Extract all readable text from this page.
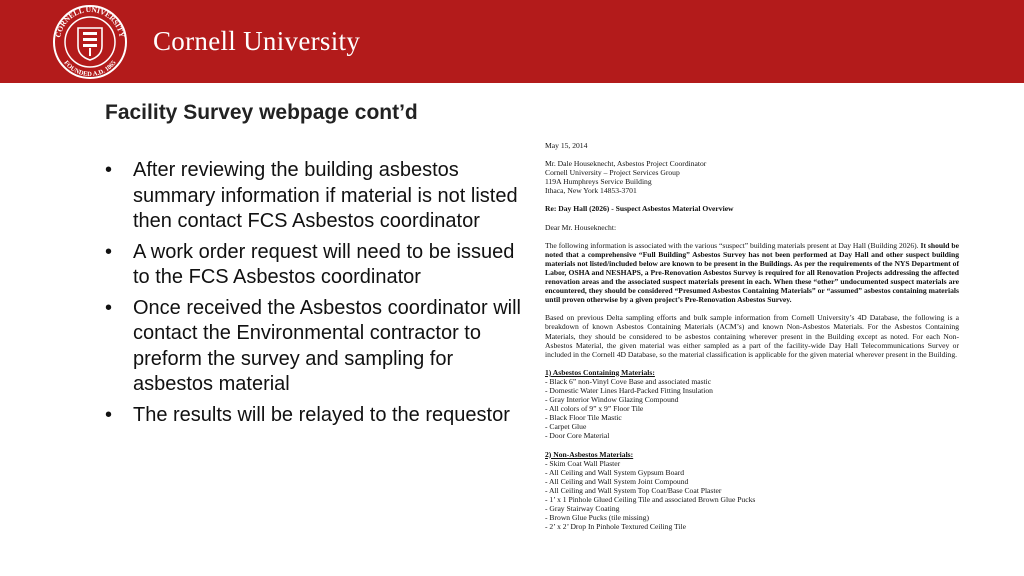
CORNELL UNIVERSITY
FOUNDED A.D. 1865
Cornell University
Facility Survey webpage cont’d
• After reviewing the building asbestos summary information if material is not listed then contact FCS Asbestos coordinator
• A work order request will need to be issued to the FCS Asbestos coordinator
• Once received the Asbestos coordinator will contact the Environmental contractor to preform the survey and sampling for asbestos material
• The results will be relayed to the requestor

May 15, 2014

Mr. Dale Houseknecht, Asbestos Project Coordinator

Cornell University – Project Services Group

119A Humphreys Service Building

Ithaca, New York 14853-3701

Re: Day Hall (2026) - Suspect Asbestos Material Overview

Dear Mr. Houseknecht:

The following information is associated with the various “suspect” building materials present at Day Hall (Building 2026). It should be noted that a comprehensive “Full Building” Asbestos Survey has not been performed at Day Hall and other suspect building materials not listed/included below are known to be present in the Buildings. As per the requirements of the NYS Department of Labor, OSHA and NESHAPS, a Pre-Renovation Asbestos Survey is required for all Renovation Projects addressing the affected renovation areas and the associated suspect materials present in each. When these “other” undocumented suspect materials are encountered, they should be considered “Presumed Asbestos Containing Materials” or “assumed” asbestos containing materials until proven otherwise by a given project’s Pre-Renovation Asbestos Survey.

Based on previous Delta sampling efforts and bulk sample information from Cornell University’s 4D Database, the following is a breakdown of known Asbestos Containing Materials (ACM’s) and known Non-Asbestos Materials. For the Asbestos Containing Materials, they should be considered to be asbestos containing wherever present in the Building except as noted. For each Non-Asbestos Material, the given material was either sampled as a part of the facility-wide Day Hall Telecommunications Survey or included in the Cornell 4D Database, so the material classification is applicable for the given material wherever present in the Building.

1) Asbestos Containing Materials:

- Black 6” non-Vinyl Cove Base and associated mastic

- Domestic Water Lines Hard-Packed Fitting Insulation

- Gray Interior Window Glazing Compound

- All colors of 9” x 9” Floor Tile

- Black Floor Tile Mastic

- Carpet Glue

- Door Core Material

2) Non-Asbestos Materials:

- Skim Coat Wall Plaster

- All Ceiling and Wall System Gypsum Board

- All Ceiling and Wall System Joint Compound

- All Ceiling and Wall System Top Coat/Base Coat Plaster

- 1’ x 1 Pinhole Glued Ceiling Tile and associated Brown Glue Pucks

- Gray Stairway Coating

- Brown Glue Pucks (tile missing)

- 2’ x 2’ Drop In Pinhole Textured Ceiling Tile
